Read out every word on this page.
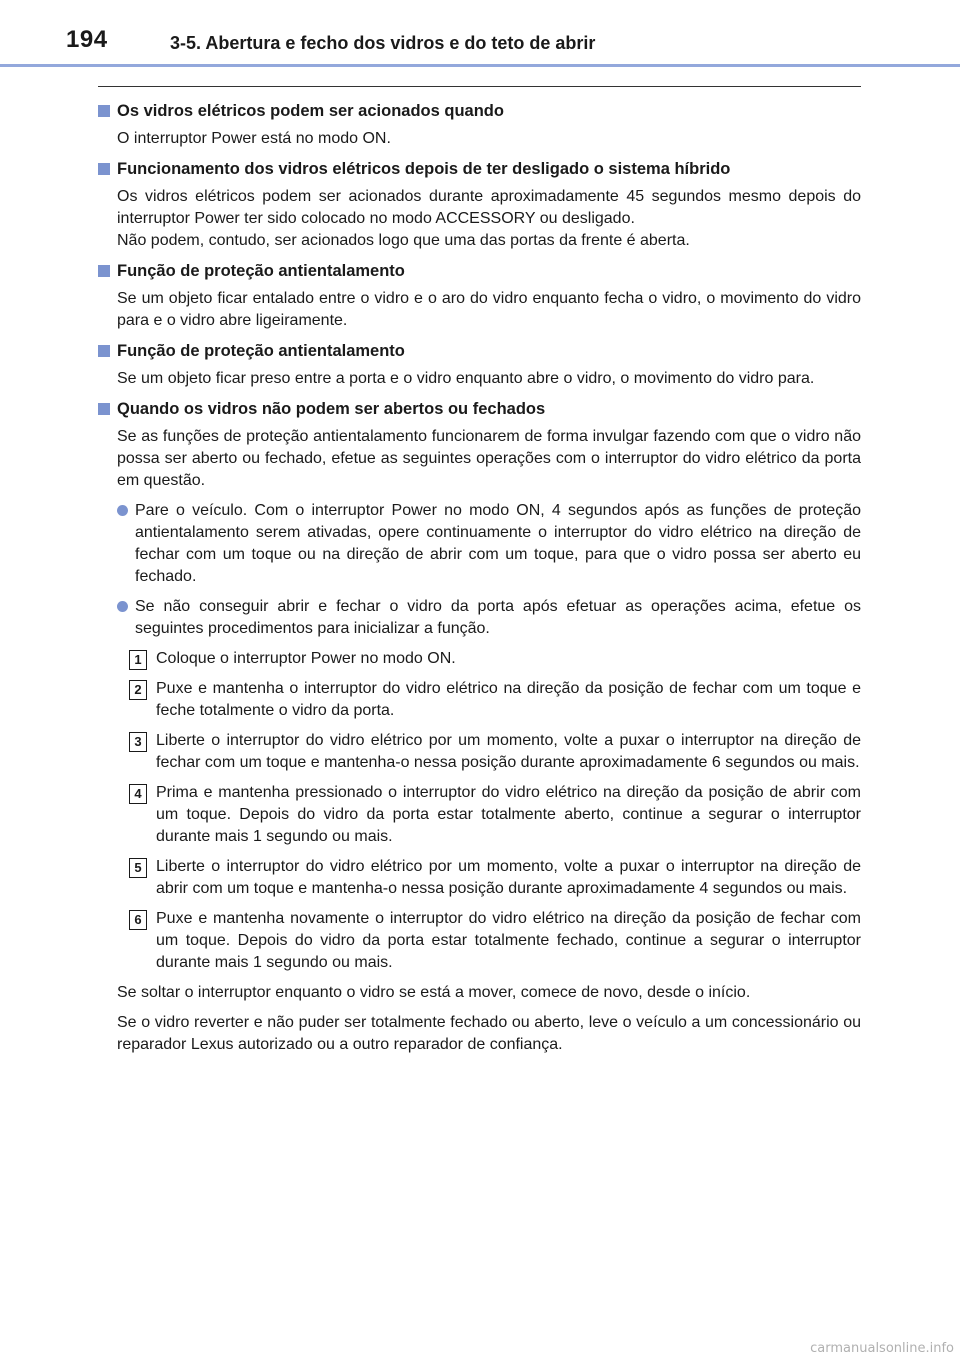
194	3-5. Abertura e fecho dos vidros e do teto de abrir
Os vidros elétricos podem ser acionados quando

O interruptor Power está no modo ON.

Funcionamento dos vidros elétricos depois de ter desligado o sistema híbrido

Os vidros elétricos podem ser acionados durante aproximadamente 45 segundos mesmo depois do interruptor Power ter sido colocado no modo ACCESSORY ou desligado.

Não podem, contudo, ser acionados logo que uma das portas da frente é aberta.

Função de proteção antientalamento

Se um objeto ficar entalado entre o vidro e o aro do vidro enquanto fecha o vidro, o movimento do vidro para e o vidro abre ligeiramente.

Função de proteção antientalamento

Se um objeto ficar preso entre a porta e o vidro enquanto abre o vidro, o movimento do vidro para.

Quando os vidros não podem ser abertos ou fechados

Se as funções de proteção antientalamento funcionarem de forma invulgar fazendo com que o vidro não possa ser aberto ou fechado, efetue as seguintes operações com o interruptor do vidro elétrico da porta em questão.

Pare o veículo. Com o interruptor Power no modo ON, 4 segundos após as funções de proteção antientalamento serem ativadas, opere continuamente o interruptor do vidro elétrico na direção de fechar com um toque ou na direção de abrir com um toque, para que o vidro possa ser aberto eu fechado.
Se não conseguir abrir e fechar o vidro da porta após efetuar as operações acima, efetue os seguintes procedimentos para inicializar a função.
1 Coloque o interruptor Power no modo ON.
2 Puxe e mantenha o interruptor do vidro elétrico na direção da posição de fechar com um toque e feche totalmente o vidro da porta.
3 Liberte o interruptor do vidro elétrico por um momento, volte a puxar o interruptor na direção de fechar com um toque e mantenha-o nessa posição durante aproximadamente 6 segundos ou mais.
4 Prima e mantenha pressionado o interruptor do vidro elétrico na direção da posição de abrir com um toque. Depois do vidro da porta estar totalmente aberto, continue a segurar o interruptor durante mais 1 segundo ou mais.
5 Liberte o interruptor do vidro elétrico por um momento, volte a puxar o interruptor na direção de abrir com um toque e mantenha-o nessa posição durante aproximadamente 4 segundos ou mais.
6 Puxe e mantenha novamente o interruptor do vidro elétrico na direção da posição de fechar com um toque. Depois do vidro da porta estar totalmente fechado, continue a segurar o interruptor durante mais 1 segundo ou mais.

Se soltar o interruptor enquanto o vidro se está a mover, comece de novo, desde o início.

Se o vidro reverter e não puder ser totalmente fechado ou aberto, leve o veículo a um concessionário ou reparador Lexus autorizado ou a outro reparador de confiança.

carmanualsonline.info
